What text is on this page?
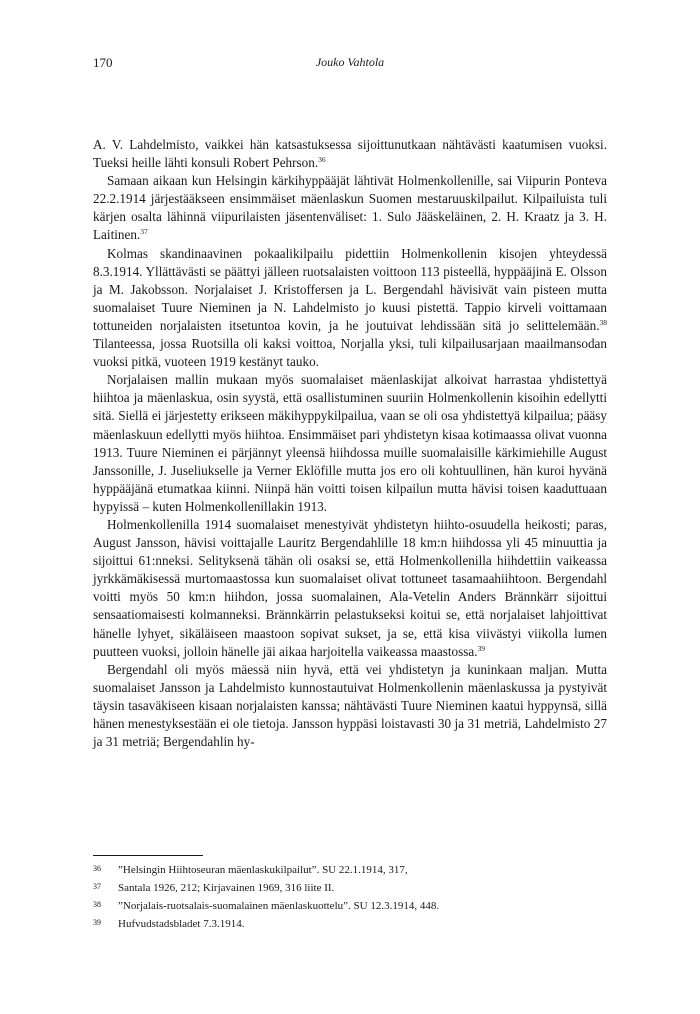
170	Jouko Vahtola

A. V. Lahdelmisto, vaikkei hän katsastuksessa sijoittunutkaan nähtävästi kaatumisen vuoksi. Tueksi heille lähti konsuli Robert Pehrson.$^{36}$

Samaan aikaan kun Helsingin kärkihyppääjät lähtivät Holmenkollenille, sai Viipurin Ponteva 22.2.1914 järjestääkseen ensimmäiset mäenlaskun Suomen mestaruuskilpailut. Kilpailuista tuli kärjen osalta lähinnä viipurilaisten jäsentenväliset: 1. Sulo Jääskeläinen, 2. H. Kraatz ja 3. H. Laitinen.$^{37}$

Kolmas skandinaavinen pokaalikilpailu pidettiin Holmenkollenin kisojen yhteydessä 8.3.1914. Yllättävästi se päättyi jälleen ruotsalaisten voittoon 113 pisteellä, hyppääjinä E. Olsson ja M. Jakobsson. Norjalaiset J. Kristoffersen ja L. Bergendahl hävisivät vain pisteen mutta suomalaiset Tuure Nieminen ja N. Lahdelmisto jo kuusi pistettä. Tappio kirveli voittamaan tottuneiden norjalaisten itsetuntoa kovin, ja he joutuivat lehdissään sitä jo selittelemään.$^{38}$ Tilanteessa, jossa Ruotsilla oli kaksi voittoa, Norjalla yksi, tuli kilpailusarjaan maailmansodan vuoksi pitkä, vuoteen 1919 kestänyt tauko.

Norjalaisen mallin mukaan myös suomalaiset mäenlaskijat alkoivat harrastaa yhdistettyä hiihtoa ja mäenlaskua, osin syystä, että osallistuminen suuriin Holmenkollenin kisoihin edellytti sitä. Siellä ei järjestetty erikseen mäkihyppykilpailua, vaan se oli osa yhdistettyä kilpailua; pääsy mäenlaskuun edellytti myös hiihtoa. Ensimmäiset pari yhdistetyn kisaa kotimaassa olivat vuonna 1913. Tuure Nieminen ei pärjännyt yleensä hiihdossa muille suomalaisille kärkimiehille August Janssonille, J. Juseliukselle ja Verner Eklöfille mutta jos ero oli kohtuullinen, hän kuroi hyvänä hyppääjänä etumatkaa kiinni. Niinpä hän voitti toisen kilpailun mutta hävisi toisen kaaduttuaan hypyissä – kuten Holmenkollenillakin 1913.

Holmenkollenilla 1914 suomalaiset menestyivät yhdistetyn hiihto-osuudella heikosti; paras, August Jansson, hävisi voittajalle Lauritz Bergendahlille 18 km:n hiihdossa yli 45 minuuttia ja sijoittui 61:nneksi. Selityksenä tähän oli osaksi se, että Holmenkollenilla hiihdettiin vaikeassa jyrkkämäkisessä murtomaastossa kun suomalaiset olivat tottuneet tasamaahiihtoon. Bergendahl voitti myös 50 km:n hiihdon, jossa suomalainen, Ala-Vetelin Anders Brännkärr sijoittui sensaatiomaisesti kolmanneksi. Brännkärrin pelastukseksi koitui se, että norjalaiset lahjoittivat hänelle lyhyet, sikäläiseen maastoon sopivat sukset, ja se, että kisa viivästyi viikolla lumen puutteen vuoksi, jolloin hänelle jäi aikaa harjoitella vaikeassa maastossa.$^{39}$

Bergendahl oli myös mäessä niin hyvä, että vei yhdistetyn ja kuninkaan maljan. Mutta suomalaiset Jansson ja Lahdelmisto kunnostautuivat Holmenkollenin mäenlaskussa ja pystyivät täysin tasaväkiseen kisaan norjalaisten kanssa; nähtävästi Tuure Nieminen kaatui hyppynsä, sillä hänen menestyksestään ei ole tietoja. Jansson hyppäsi loistavasti 30 ja 31 metriä, Lahdelmisto 27 ja 31 metriä; Bergendahlin hy-

36 ”Helsingin Hiihtoseuran mäenlaskukilpailut”. SU 22.1.1914, 317,
37 Santala 1926, 212; Kirjavainen 1969, 316 liite II.
38 ”Norjalais-ruotsalais-suomalainen mäenlaskuottelu”. SU 12.3.1914, 448.
39 Hufvudstadsbladet 7.3.1914.
